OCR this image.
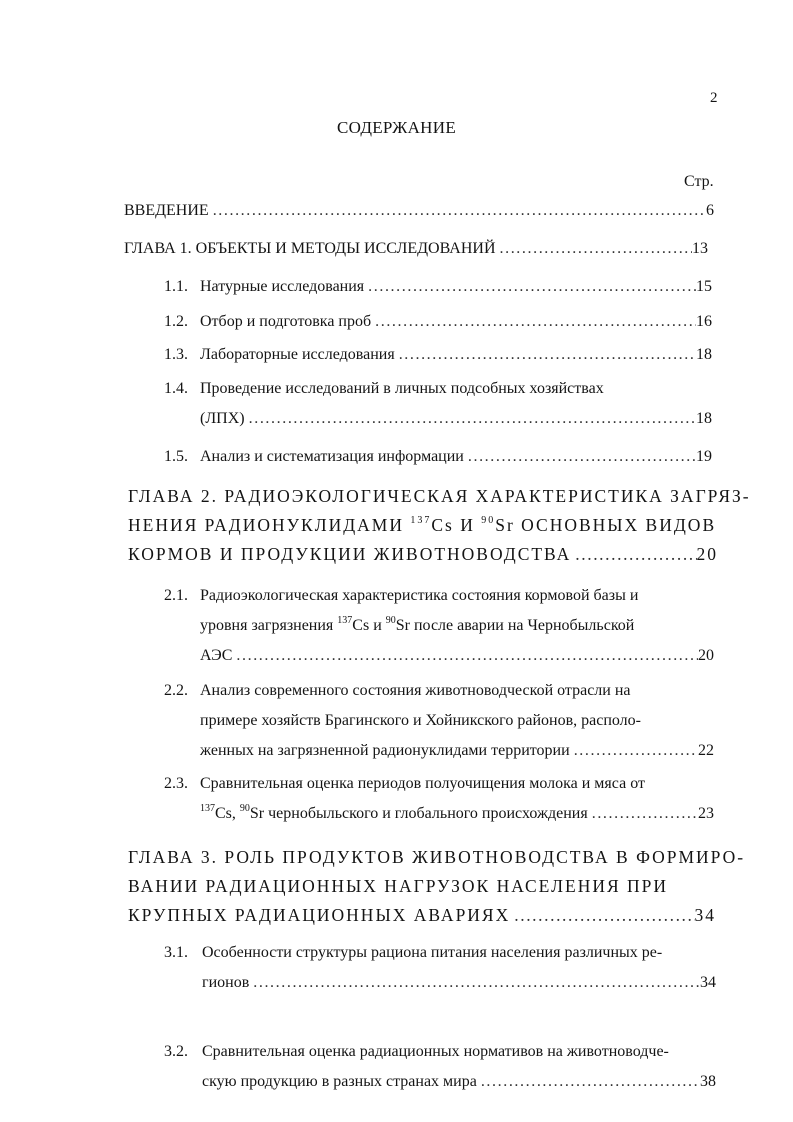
2
СОДЕРЖАНИЕ
Стр.
ВВЕДЕНИЕ .....	6
ГЛАВА 1. ОБЪЕКТЫ И МЕТОДЫ ИССЛЕДОВАНИЙ .....	13
1.1. Натурные исследования .....	15
1.2. Отбор и подготовка проб .....	16
1.3. Лабораторные исследования .....	18
1.4. Проведение исследований в личных подсобных хозяйствах
(ЛПХ) .....	18
1.5. Анализ и систематизация информации .....	19
ГЛАВА 2. РАДИОЭКОЛОГИЧЕСКАЯ ХАРАКТЕРИСТИКА ЗАГРЯЗ-
НЕНИЯ РАДИОНУКЛИДАМИ $^{137}$Cs И $^{90}$Sr ОСНОВНЫХ ВИДОВ
КОРМОВ И ПРОДУКЦИИ ЖИВОТНОВОДСТВА .....	20
2.1. Радиоэкологическая характеристика состояния кормовой базы и
уровня загрязнения $^{137}$Cs и $^{90}$Sr после аварии на Чернобыльской
АЭС .....	20
2.2. Анализ современного состояния животноводческой отрасли на
примере хозяйств Брагинского и Хойникского районов, располо-
женных на загрязненной радионуклидами территории .....	22
2.3. Сравнительная оценка периодов полуочищения молока и мяса от
$^{137}$Cs, $^{90}$Sr чернобыльского и глобального происхождения .....	23
ГЛАВА 3. РОЛЬ ПРОДУКТОВ ЖИВОТНОВОДСТВА В ФОРМИРО-
ВАНИИ РАДИАЦИОННЫХ НАГРУЗОК НАСЕЛЕНИЯ ПРИ
КРУПНЫХ РАДИАЦИОННЫХ АВАРИЯХ .....	34
3.1. Особенности структуры рациона питания населения различных ре-
гионов .....	34
3.2. Сравнительная оценка радиационных нормативов на животноводче-
скую продукцию в разных странах мира .....	38
